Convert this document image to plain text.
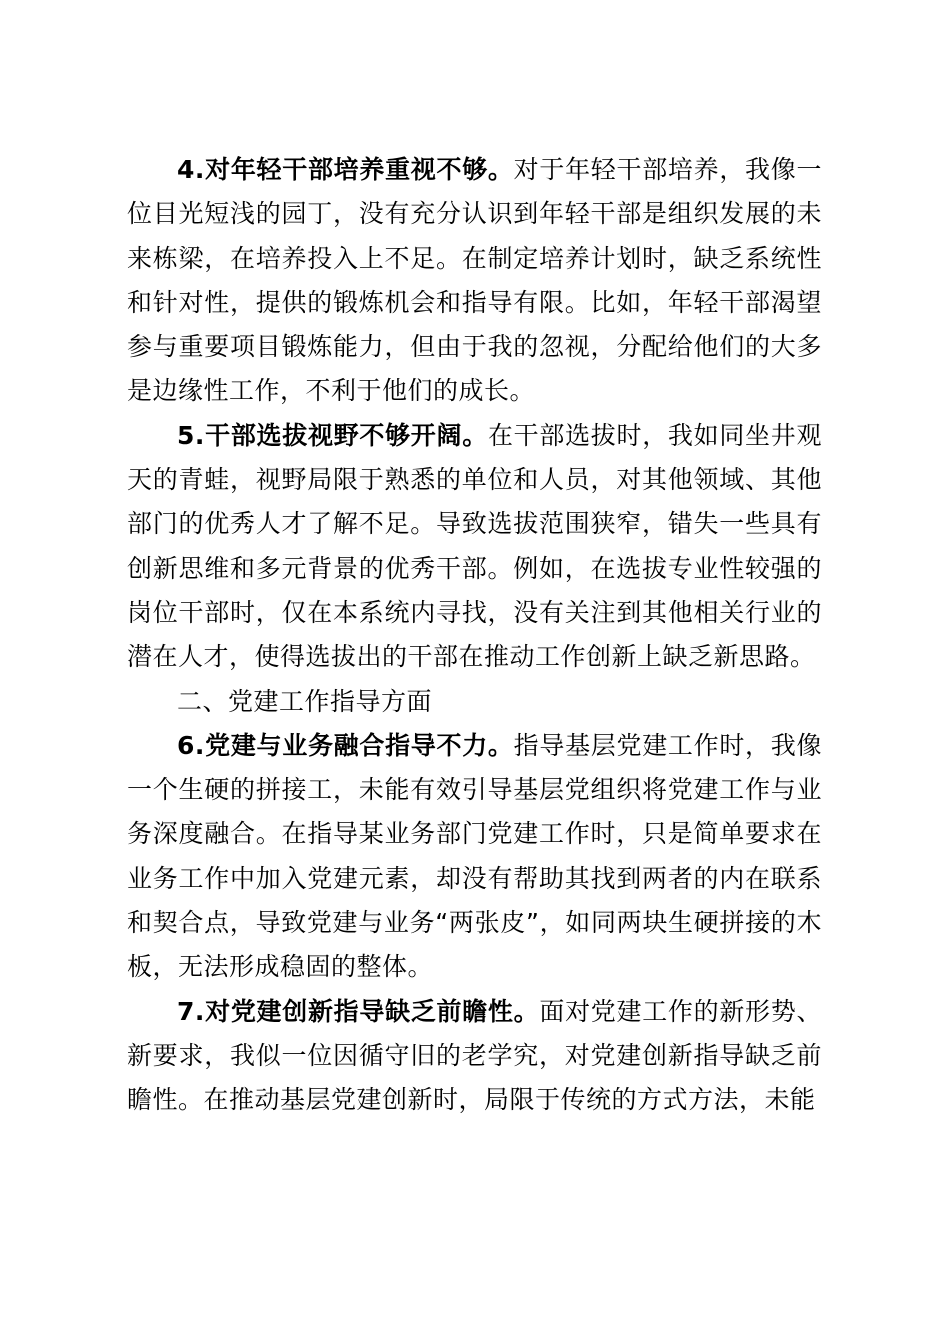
4.对年轻干部培养重视不够。对于年轻干部培养，我像一位目光短浅的园丁，没有充分认识到年轻干部是组织发展的未来栋梁，在培养投入上不足。在制定培养计划时，缺乏系统性和针对性，提供的锻炼机会和指导有限。比如，年轻干部渴望参与重要项目锻炼能力，但由于我的忽视，分配给他们的大多是边缘性工作，不利于他们的成长。

5.干部选拔视野不够开阔。在干部选拔时，我如同坐井观天的青蛙，视野局限于熟悉的单位和人员，对其他领域、其他部门的优秀人才了解不足。导致选拔范围狭窄，错失一些具有创新思维和多元背景的优秀干部。例如，在选拔专业性较强的岗位干部时，仅在本系统内寻找，没有关注到其他相关行业的潜在人才，使得选拔出的干部在推动工作创新上缺乏新思路。

二、党建工作指导方面

6.党建与业务融合指导不力。指导基层党建工作时，我像一个生硬的拼接工，未能有效引导基层党组织将党建工作与业务深度融合。在指导某业务部门党建工作时，只是简单要求在业务工作中加入党建元素，却没有帮助其找到两者的内在联系和契合点，导致党建与业务“两张皮”，如同两块生硬拼接的木板，无法形成稳固的整体。

7.对党建创新指导缺乏前瞻性。面对党建工作的新形势、新要求，我似一位因循守旧的老学究，对党建创新指导缺乏前瞻性。在推动基层党建创新时，局限于传统的方式方法，未能
